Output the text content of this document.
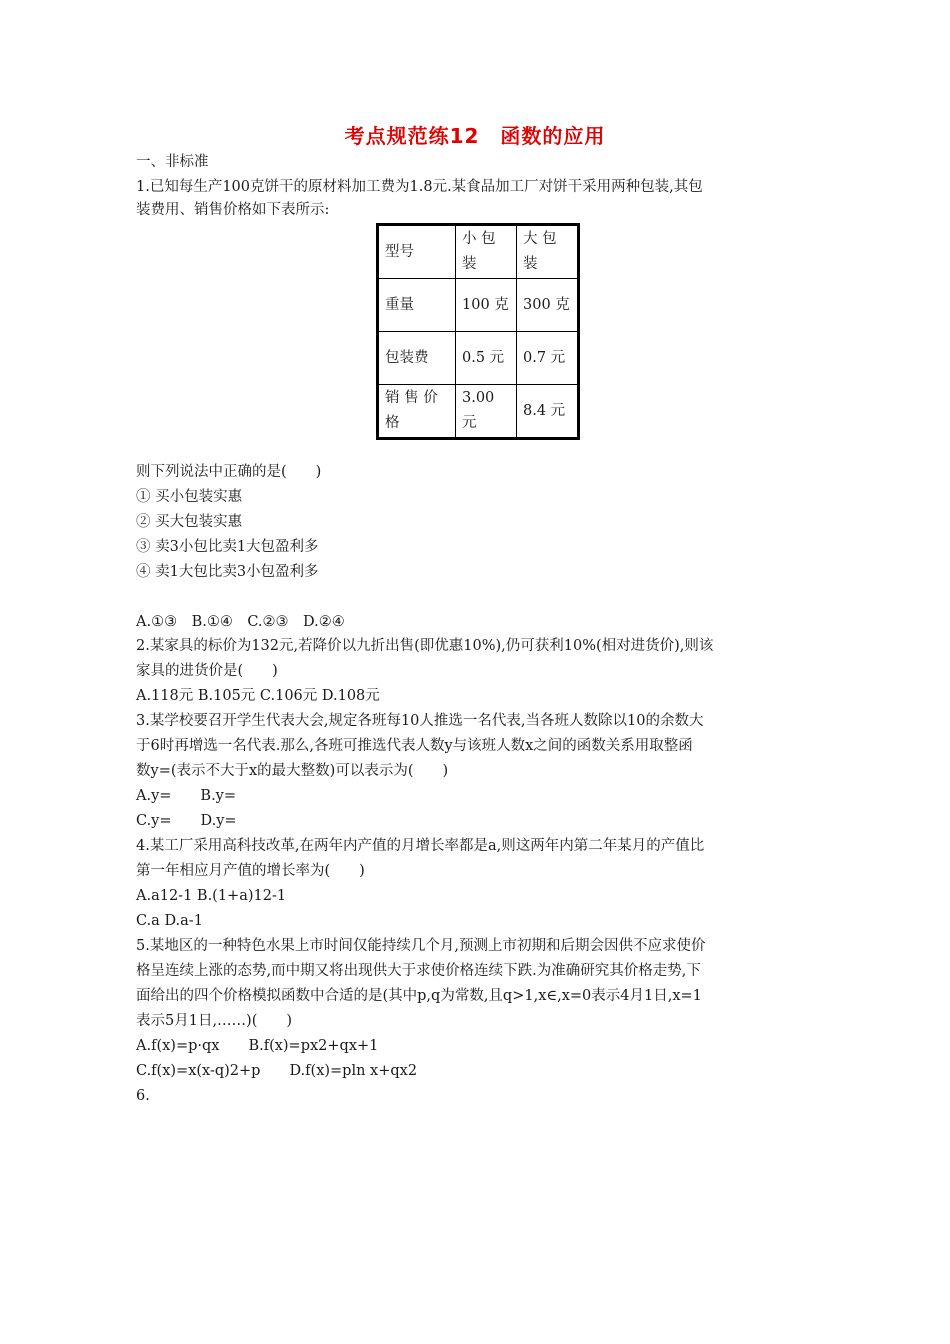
考点规范练12　函数的应用
一、非标准
1.已知每生产100克饼干的原材料加工费为1.8元.某食品加工厂对饼干采用两种包装,其包
装费用、销售价格如下表所示:
型号	小 包 装	大 包 装
重量	100 克	300 克
包装费	0.5 元	0.7 元
销 售 价 格	3.00 元	8.4 元
则下列说法中正确的是(　　)
① 买小包装实惠
② 买大包装实惠
③ 卖3小包比卖1大包盈利多
④ 卖1大包比卖3小包盈利多
A.①③　B.①④　C.②③　D.②④
2.某家具的标价为132元,若降价以九折出售(即优惠10%),仍可获利10%(相对进货价),则该
家具的进货价是(　　)
A.118元 B.105元 C.106元 D.108元
3.某学校要召开学生代表大会,规定各班每10人推选一名代表,当各班人数除以10的余数大
于6时再增选一名代表.那么,各班可推选代表人数y与该班人数x之间的函数关系用取整函
数y=(表示不大于x的最大整数)可以表示为(　　)
A.y=　　B.y=
C.y=　　D.y=
4.某工厂采用高科技改革,在两年内产值的月增长率都是a,则这两年内第二年某月的产值比
第一年相应月产值的增长率为(　　)
A.a12-1 B.(1+a)12-1
C.a D.a-1
5.某地区的一种特色水果上市时间仅能持续几个月,预测上市初期和后期会因供不应求使价
格呈连续上涨的态势,而中期又将出现供大于求使价格连续下跌.为准确研究其价格走势,下
面给出的四个价格模拟函数中合适的是(其中p,q为常数,且q>1,x∈,x=0表示4月1日,x=1
表示5月1日,……)(　　)
A.f(x)=p·qx　　B.f(x)=px2+qx+1
C.f(x)=x(x-q)2+p　　D.f(x)=pln x+qx2
6.
